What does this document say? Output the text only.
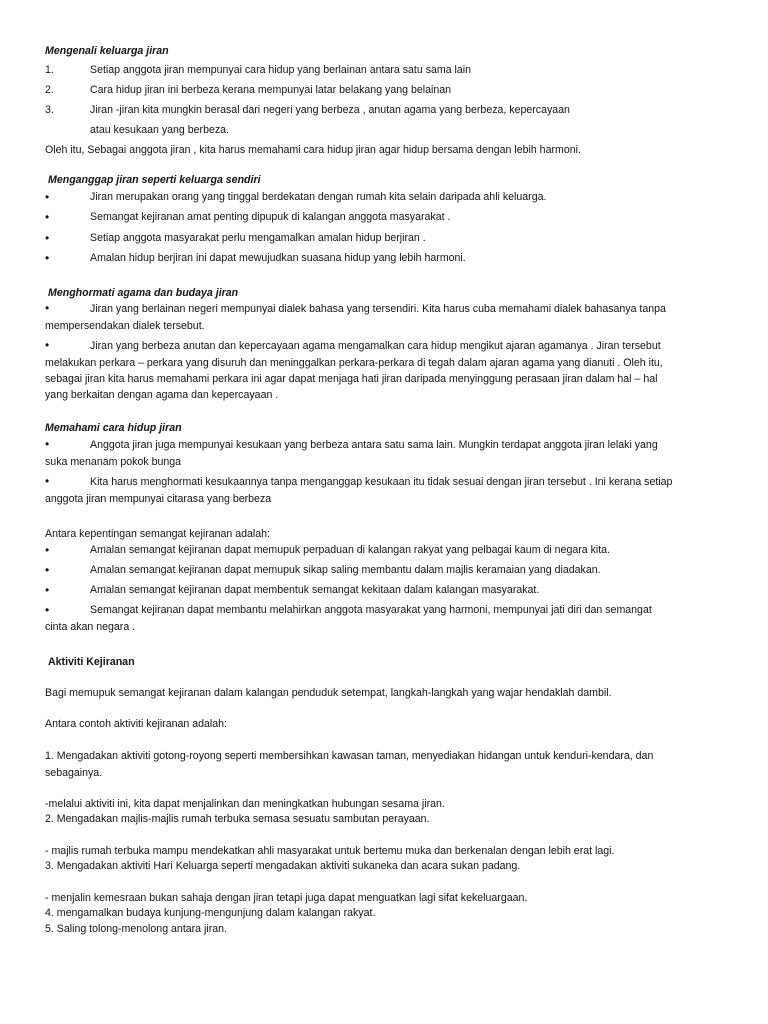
Mengenali keluarga jiran
1.	Setiap anggota jiran mempunyai cara hidup yang berlainan antara satu sama lain
2.	Cara hidup jiran ini berbeza kerana mempunyai latar belakang yang belainan
3.	Jiran -jiran kita mungkin berasal dari negeri yang berbeza , anutan agama yang berbeza, kepercayaan
atau kesukaan yang berbeza.
Oleh itu, Sebagai anggota jiran , kita harus memahami cara hidup jiran agar hidup bersama dengan lebih harmoni.
Menganggap jiran seperti keluarga sendiri
•	Jiran merupakan orang yang tinggal berdekatan dengan rumah kita selain daripada ahli keluarga.
•	Semangat kejiranan amat penting dipupuk di kalangan anggota masyarakat .
•	Setiap anggota masyarakat perlu mengamalkan amalan hidup berjiran .
•	Amalan hidup berjiran ini dapat mewujudkan suasana hidup yang lebih harmoni.
Menghormati agama dan budaya jiran
•	Jiran yang berlainan negeri mempunyai dialek bahasa yang tersendiri. Kita harus cuba memahami dialek bahasanya tanpa
mempersendakan dialek tersebut.
•	Jiran yang berbeza anutan dan kepercayaan agama mengamalkan cara hidup mengikut ajaran agamanya . Jiran tersebut
melakukan perkara – perkara yang disuruh dan meninggalkan perkara-perkara di tegah dalam ajaran agama yang dianuti . Oleh itu,
sebagai jiran kita harus memahami perkara ini agar dapat menjaga hati jiran daripada menyinggung perasaan jiran dalam hal – hal
yang berkaitan dengan agama dan kepercayaan .
Memahami cara hidup jiran
•	Anggota jiran juga mempunyai kesukaan yang berbeza antara satu sama lain. Mungkin terdapat anggota jiran lelaki yang
suka menanam pokok bunga
•	Kita harus menghormati kesukaannya tanpa menganggap kesukaan itu tidak sesuai dengan jiran tersebut . Ini kerana setiap
anggota jiran mempunyai citarasa yang berbeza
Antara kepentingan semangat kejiranan adalah:
•	Amalan semangat kejiranan dapat memupuk perpaduan di kalangan rakyat yang pelbagai kaum di negara kita.
•	Amalan semangat kejiranan dapat memupuk sikap saling membantu dalam majlis keramaian yang diadakan.
•	Amalan semangat kejiranan dapat membentuk semangat kekitaan dalam kalangan masyarakat.
•	Semangat kejiranan dapat membantu melahirkan anggota masyarakat yang harmoni, mempunyai jati diri dan semangat
cinta akan negara .
Aktiviti Kejiranan
Bagi memupuk semangat kejiranan dalam kalangan penduduk setempat, langkah-langkah yang wajar hendaklah dambil.
Antara contoh aktiviti kejiranan adalah:
1. Mengadakan aktiviti gotong-royong seperti membersihkan kawasan taman, menyediakan hidangan untuk kenduri-kendara, dan
sebagainya.
-melalui aktiviti ini, kita dapat menjalinkan dan meningkatkan hubungan sesama jiran.
2. Mengadakan majlis-majlis rumah terbuka semasa sesuatu sambutan perayaan.
- majlis rumah terbuka mampu mendekatkan ahli masyarakat untuk bertemu muka dan berkenalan dengan lebih erat lagi.
3. Mengadakan aktiviti Hari Keluarga seperti mengadakan aktiviti sukaneka dan acara sukan padang.
- menjalin kemesraan bukan sahaja dengan jiran tetapi juga dapat menguatkan lagi sifat kekeluargaan.
4. mengamalkan budaya kunjung-mengunjung dalam kalangan rakyat.
5. Saling tolong-menolong antara jiran.
